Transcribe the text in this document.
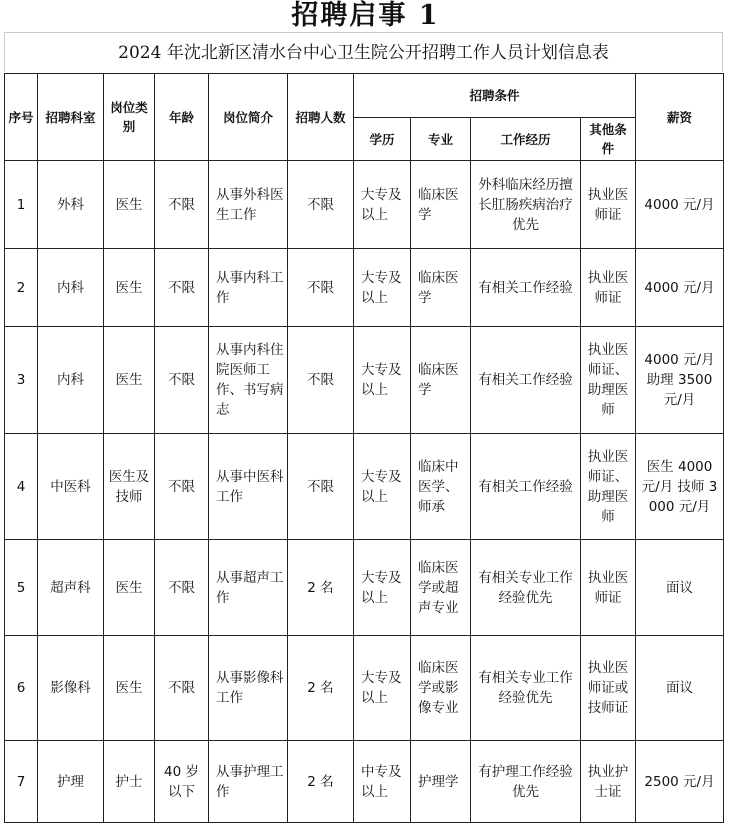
招聘启事 1
2024 年沈北新区清水台中心卫生院公开招聘工作人员计划信息表
序号	招聘科室	岗位类别	年龄	岗位简介	招聘人数	招聘条件				薪资
						学历	专业	工作经历	其他条件	
1	外科	医生	不限	从事外科医生工作	不限	大专及以上	临床医学	外科临床经历擅长肛肠疾病治疗优先	执业医师证	4000 元/月
2	内科	医生	不限	从事内科工作	不限	大专及以上	临床医学	有相关工作经验	执业医师证	4000 元/月
3	内科	医生	不限	从事内科住院医师工作、书写病志	不限	大专及以上	临床医学	有相关工作经验	执业医师证、助理医师	4000 元/月 助理 3500 元/月
4	中医科	医生及技师	不限	从事中医科工作	不限	大专及以上	临床中医学、师承	有相关工作经验	执业医师证、助理医师	医生 4000 元/月 技师 3000 元/月
5	超声科	医生	不限	从事超声工作	2 名	大专及以上	临床医学或超声专业	有相关专业工作经验优先	执业医师证	面议
6	影像科	医生	不限	从事影像科工作	2 名	大专及以上	临床医学或影像专业	有相关专业工作经验优先	执业医师证或技师证	面议
7	护理	护士	40 岁以下	从事护理工作	2 名	中专及以上	护理学	有护理工作经验优先	执业护士证	2500 元/月
